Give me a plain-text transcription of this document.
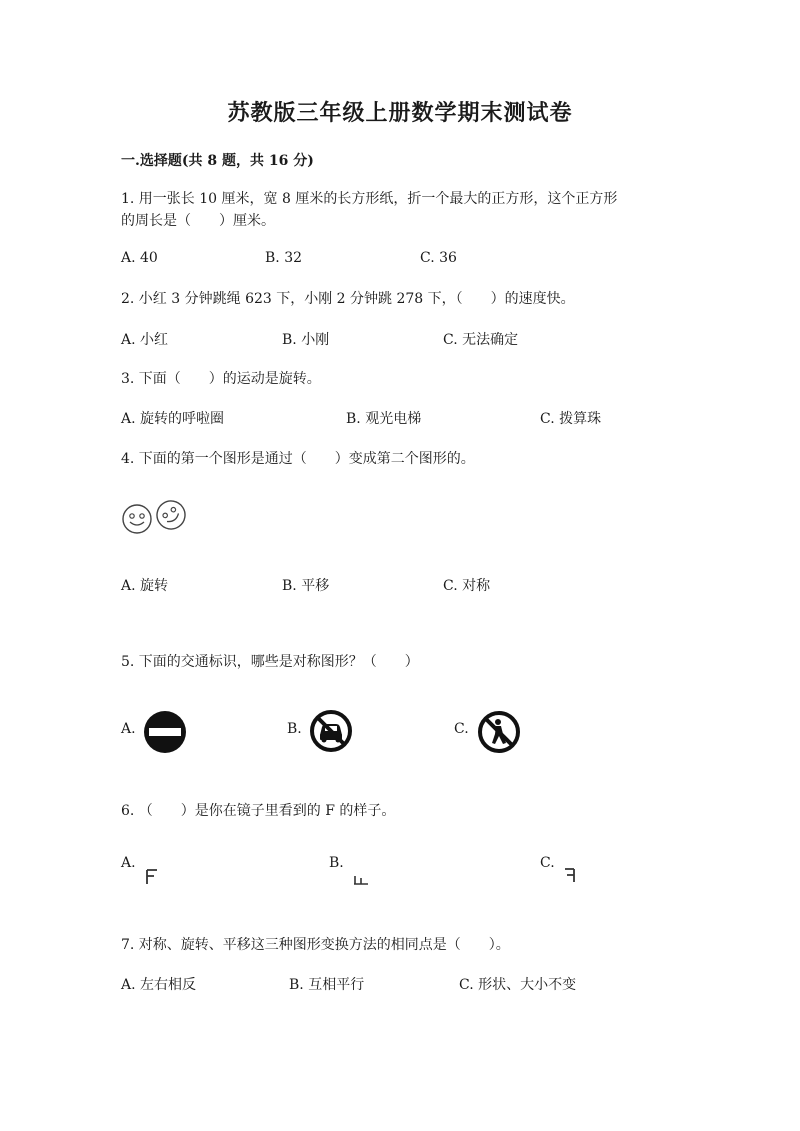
苏教版三年级上册数学期末测试卷
一.选择题(共 8 题，共 16 分)
1. 用一张长 10 厘米，宽 8 厘米的长方形纸，折一个最大的正方形，这个正方形
的周长是（　　）厘米。
A. 40	B. 32	C. 36
2. 小红 3 分钟跳绳 623 下，小刚 2 分钟跳 278 下，（　　）的速度快。
A. 小红	B. 小刚	C. 无法确定
3. 下面（　　）的运动是旋转。
A. 旋转的呼啦圈	B. 观光电梯	C. 拨算珠
4. 下面的第一个图形是通过（　　）变成第二个图形的。
A. 旋转	B. 平移	C. 对称
5. 下面的交通标识，哪些是对称图形？（　　）
A.	B.	C.
6. （　　）是你在镜子里看到的 F 的样子。
A.	B.	C.
7. 对称、旋转、平移这三种图形变换方法的相同点是（　　）。
A. 左右相反	B. 互相平行	C. 形状、大小不变
